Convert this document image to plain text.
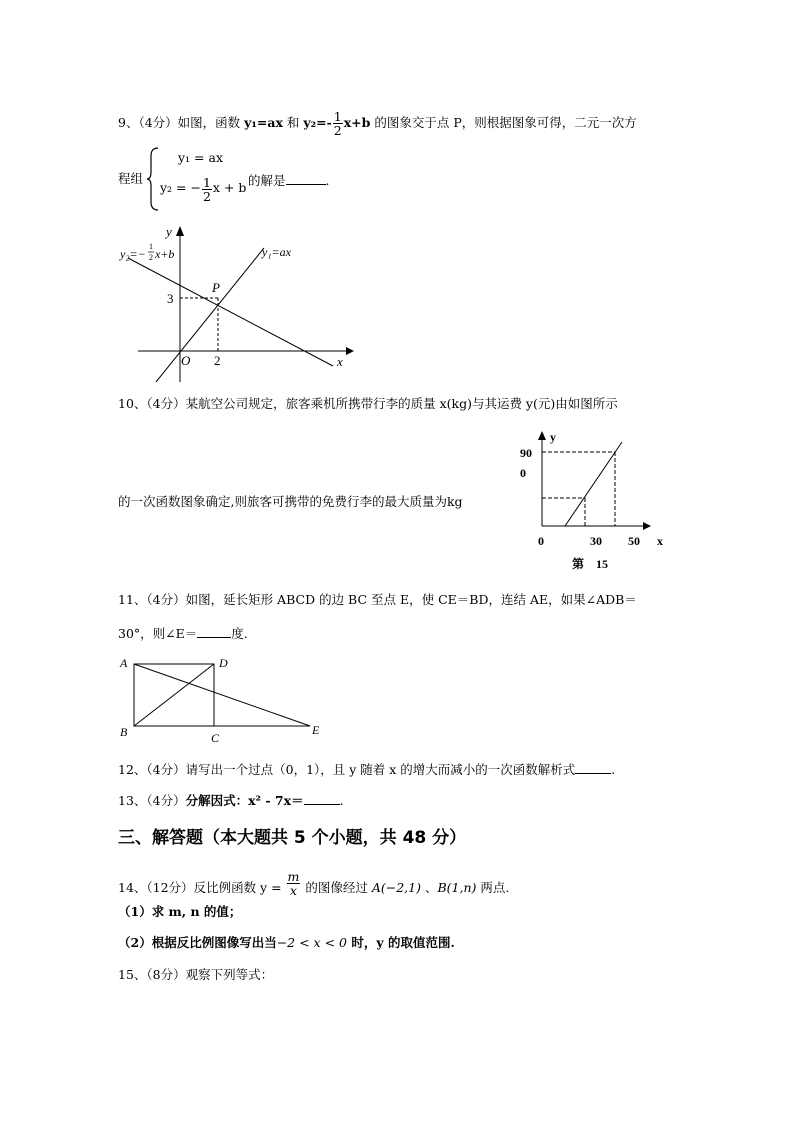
9、（4分）如图，函数 y₁=ax 和 $y_2=- \frac{1}{2} x+b$ 的图象交于点 P，则根据图象可得，二元一次方
程组
y₁ = ax
y₂ = − $\frac{1}{2}$ x + b 的解是	.
y
x
O
P
3
2
y₁=ax
y₂=−
1
2 x+b
10、（4分）某航空公司规定，旅客乘机所携带行李的质量 x(kg)与其运费 y(元)由如图所示
的一次函数图象确定,则旅客可携带的免费行李的最大质量为kg
y
90
0
0	30 50 x
第　15
11、（4分）如图，延长矩形 ABCD 的边 BC 至点 E，使 CE＝BD，连结 AE，如果∠ADB＝
30°，则∠E＝	度.
A	D
B	C
E
12、（4分）请写出一个过点（0，1），且 y 随着 x 的增大而减小的一次函数解析式	.
13、（4分）分解因式：x² - 7x＝	.
三、解答题（本大题共 5 个小题，共 48 分）
14、（12分）反比例函数 $y = \frac{m}{x}$ 的图像经过 A(−2,1) 、B(1,n) 两点.
（1）求 m, n 的值；
（2）根据反比例图像写出当−2 < x < 0 时，y 的取值范围.
15、（8分）观察下列等式：
